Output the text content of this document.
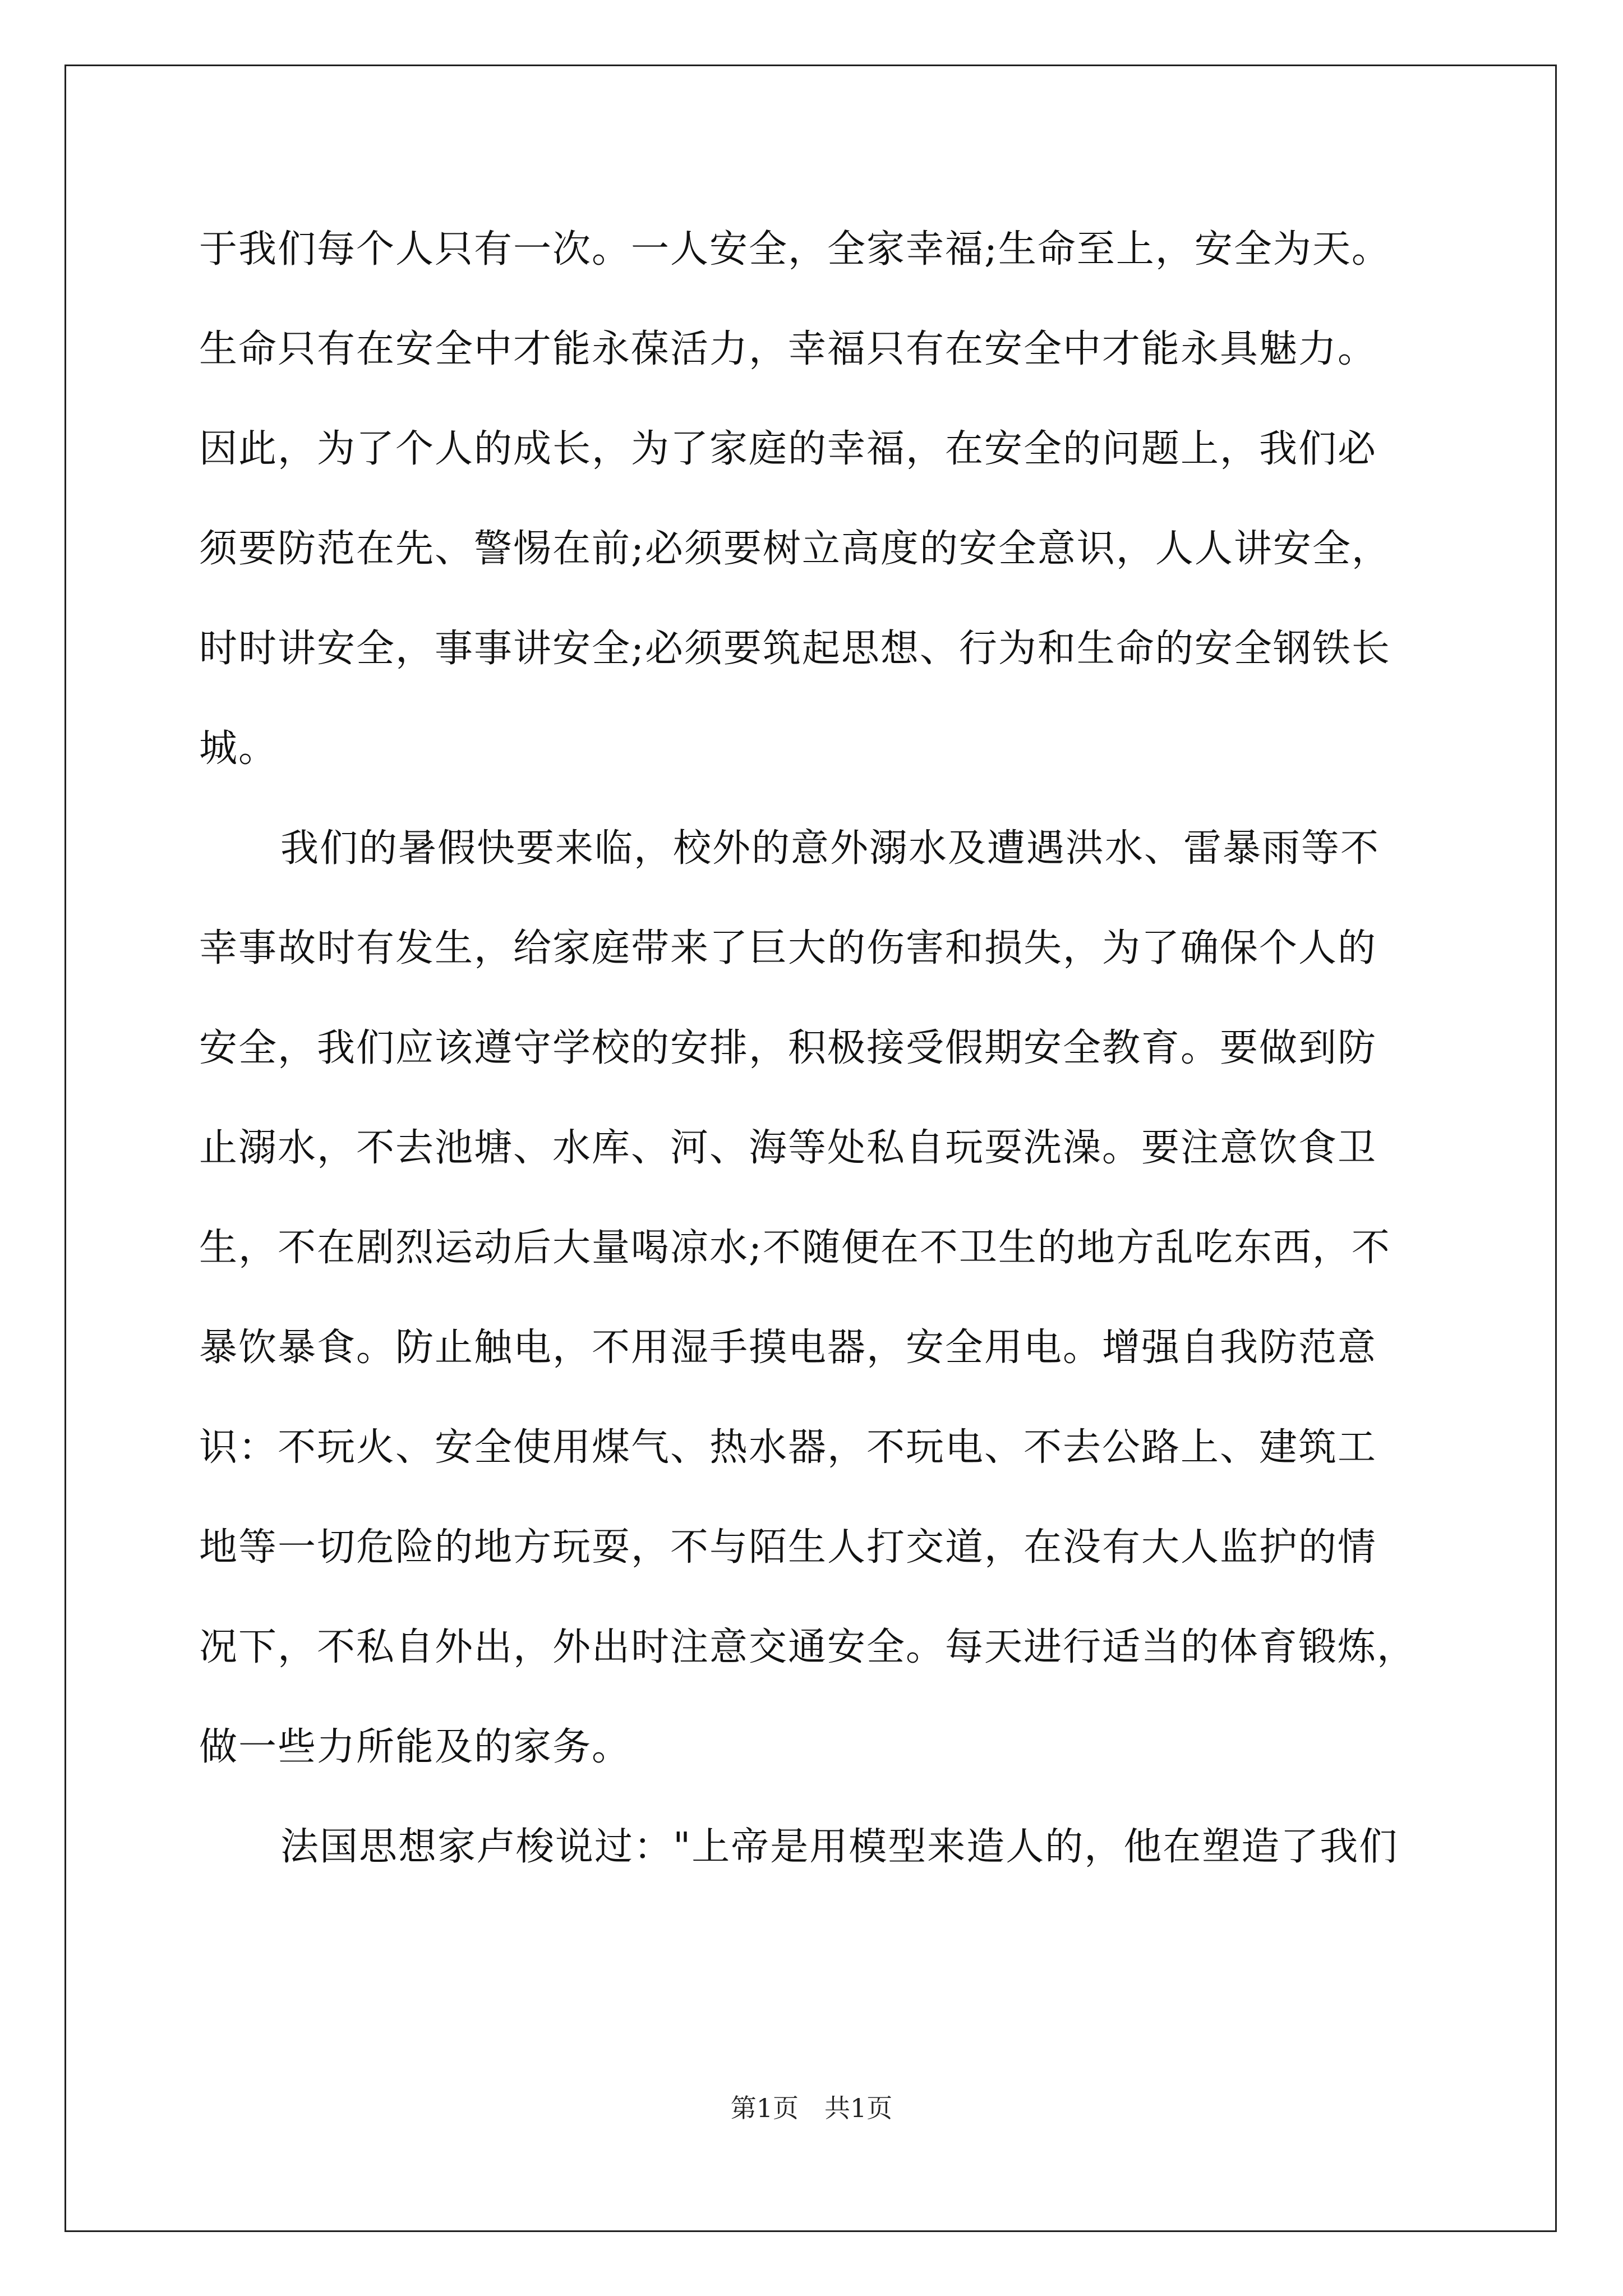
于我们每个人只有一次。一人安全，全家幸福;生命至上，安全为天。
生命只有在安全中才能永葆活力，幸福只有在安全中才能永具魅力。
因此，为了个人的成长，为了家庭的幸福，在安全的问题上，我们必
须要防范在先、警惕在前;必须要树立高度的安全意识，人人讲安全，
时时讲安全，事事讲安全;必须要筑起思想、行为和生命的安全钢铁长
城。
我们的暑假快要来临，校外的意外溺水及遭遇洪水、雷暴雨等不
幸事故时有发生，给家庭带来了巨大的伤害和损失，为了确保个人的
安全，我们应该遵守学校的安排，积极接受假期安全教育。要做到防
止溺水，不去池塘、水库、河、海等处私自玩耍洗澡。要注意饮食卫
生，不在剧烈运动后大量喝凉水;不随便在不卫生的地方乱吃东西，不
暴饮暴食。防止触电，不用湿手摸电器，安全用电。增强自我防范意
识：不玩火、安全使用煤气、热水器，不玩电、不去公路上、建筑工
地等一切危险的地方玩耍，不与陌生人打交道，在没有大人监护的情
况下，不私自外出，外出时注意交通安全。每天进行适当的体育锻炼，
做一些力所能及的家务。
法国思想家卢梭说过："上帝是用模型来造人的，他在塑造了我们
第1页 共1页
